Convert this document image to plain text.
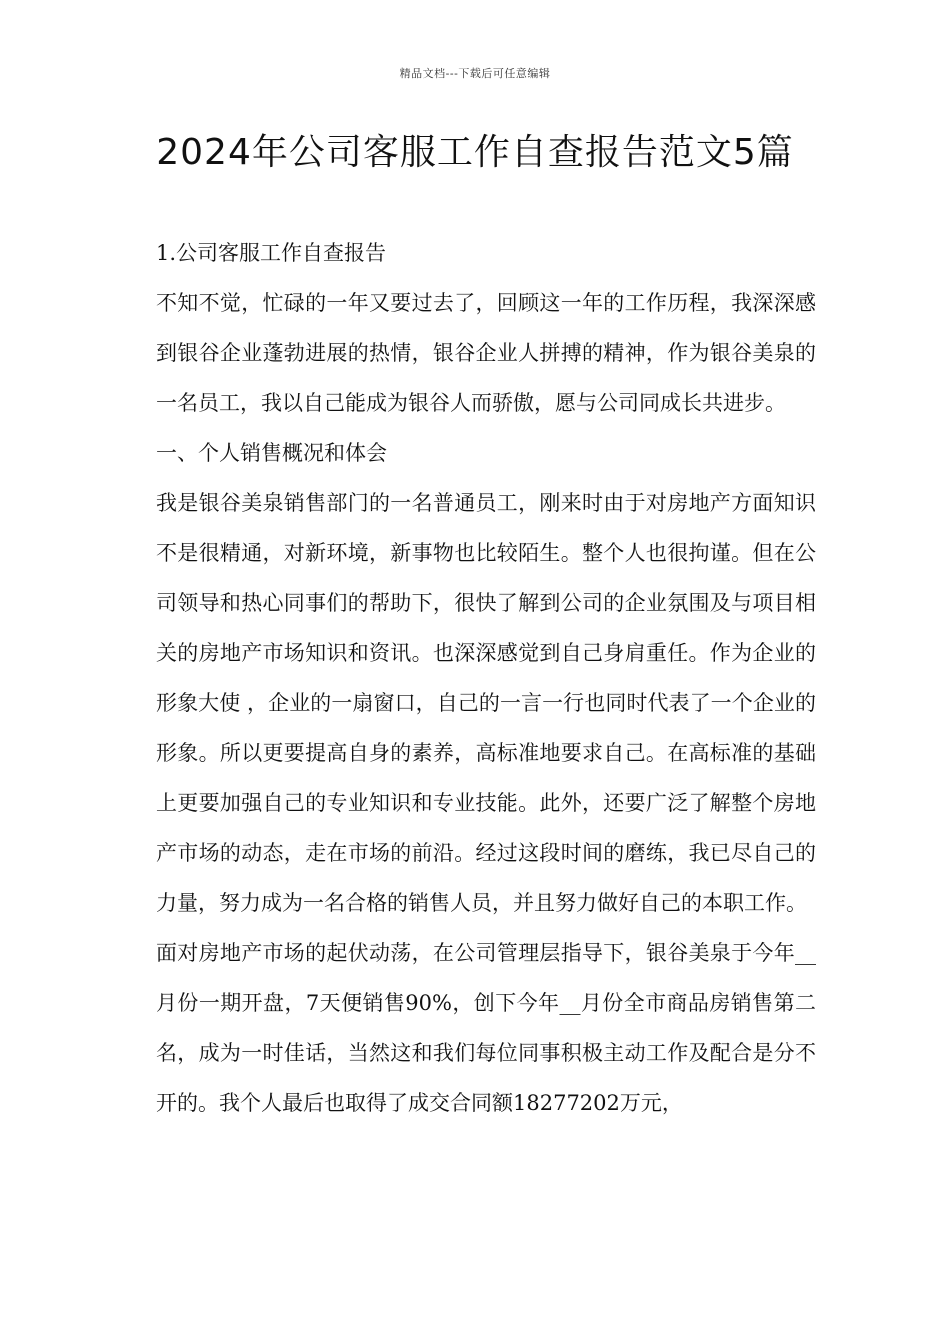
精品文档---下载后可任意编辑
2024年公司客服工作自查报告范文5篇

1.公司客服工作自查报告

不知不觉，忙碌的一年又要过去了，回顾这一年的工作历程，我深深感到银谷企业蓬勃进展的热情，银谷企业人拼搏的精神，作为银谷美泉的一名员工，我以自己能成为银谷人而骄傲，愿与公司同成长共进步。

一、个人销售概况和体会

我是银谷美泉销售部门的一名普通员工，刚来时由于对房地产方面知识不是很精通，对新环境，新事物也比较陌生。整个人也很拘谨。但在公司领导和热心同事们的帮助下，很快了解到公司的企业氛围及与项目相关的房地产市场知识和资讯。也深深感觉到自己身肩重任。作为企业的 形象大使 ，企业的一扇窗口，自己的一言一行也同时代表了一个企业的形象。所以更要提高自身的素养，高标准地要求自己。在高标准的基础上更要加强自己的专业知识和专业技能。此外，还要广泛了解整个房地产市场的动态，走在市场的前沿。经过这段时间的磨练，我已尽自己的力量，努力成为一名合格的销售人员，并且努力做好自己的本职工作。

面对房地产市场的起伏动荡，在公司管理层指导下，银谷美泉于今年__月份一期开盘，7天便销售90%，创下今年__月份全市商品房销售第二名，成为一时佳话，当然这和我们每位同事积极主动工作及配合是分不开的。我个人最后也取得了成交合同额18277202万元，
